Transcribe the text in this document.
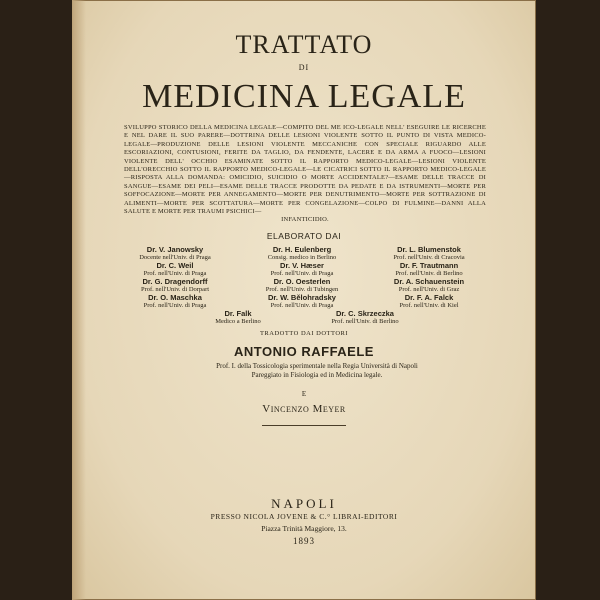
TRATTATO
DI
MEDICINA LEGALE
SVILUPPO STORICO DELLA MEDICINA LEGALE—COMPITO DEL ME ICO-LEGALE NELL' ESEGUIRE LE RICERCHE E NEL DARE IL SUO PARERE—DOTTRINA DELLE LESIONI VIOLENTE SOTTO IL PUNTO DI VISTA MEDICO-LEGALE—PRODUZIONE DELLE LESIONI VIOLENTE MECCANICHE CON SPECIALE RIGUARDO ALLE ESCORIAZIONI, CONTUSIONI, FERITE DA TAGLIO, DA FENDENTE, LACERE E DA ARMA A FUOCO—LESIONI VIOLENTE DELL' OCCHIO ESAMINATE SOTTO IL RAPPORTO MEDICO-LEGALE—LESIONI VIOLENTE DELL'ORECCHIO SOTTO IL RAPPORTO MEDICO-LEGALE—LE CICATRICI SOTTO IL RAPPORTO MEDICO-LEGALE—RISPOSTA ALLA DOMANDA: OMICIDIO, SUICIDIO O MORTE ACCIDENTALE?—ESAME DELLE TRACCE DI SANGUE—ESAME DEI PELI—ESAME DELLE TRACCE PRODOTTE DA PEDATE E DA ISTRUMENTI—MORTE PER SOFFOCAZIONE—MORTE PER ANNEGAMENTO—MORTE PER DENUTRIMENTO—MORTE PER SOTTRAZIONE DI ALIMENTI—MORTE PER SCOTTATURA—MORTE PER CONGELAZIONE—COLPO DI FULMINE—DANNI ALLA SALUTE E MORTE PER TRAUMI PSICHICI—
INFANTICIDIO.
ELABORATO DAI
Dr. V. Janowsky
Docente nell'Univ. di Praga
Dr. H. Eulenberg
Consig. medico in Berlino
Dr. L. Blumenstok
Prof. nell'Univ. di Cracovia
Dr. C. Weil
Prof. nell'Univ. di Praga
Dr. V. Hæser
Prof. nell'Univ. di Praga
Dr. F. Trautmann
Prof. nell'Univ. di Berlino
Dr. G. Dragendorff
Prof. nell'Univ. di Dorpart
Dr. O. Oesterlen
Prof. nell'Univ. di Tubingen
Dr. A. Schauenstein
Prof. nell'Univ. di Graz
Dr. O. Maschka
Prof. nell'Univ. di Praga
Dr. W. Bělohradsky
Prof. nell'Univ. di Praga
Dr. F. A. Falck
Prof. nell'Univ. di Kiel
Dr. Falk
Medico a Berlino
Dr. C. Skrzeczka
Prof. nell'Univ. di Berlino
TRADOTTO DAI DOTTORI
ANTONIO RAFFAELE
Prof. I. della Tossicologia sperimentale nella Regia Università di Napoli
Pareggiato in Fisiologia ed in Medicina legale.
E
Vincenzo Meyer
NAPOLI
PRESSO NICOLA JOVENE & C.° LIBRAI-EDITORI
Piazza Trinità Maggiore, 13.
1893
